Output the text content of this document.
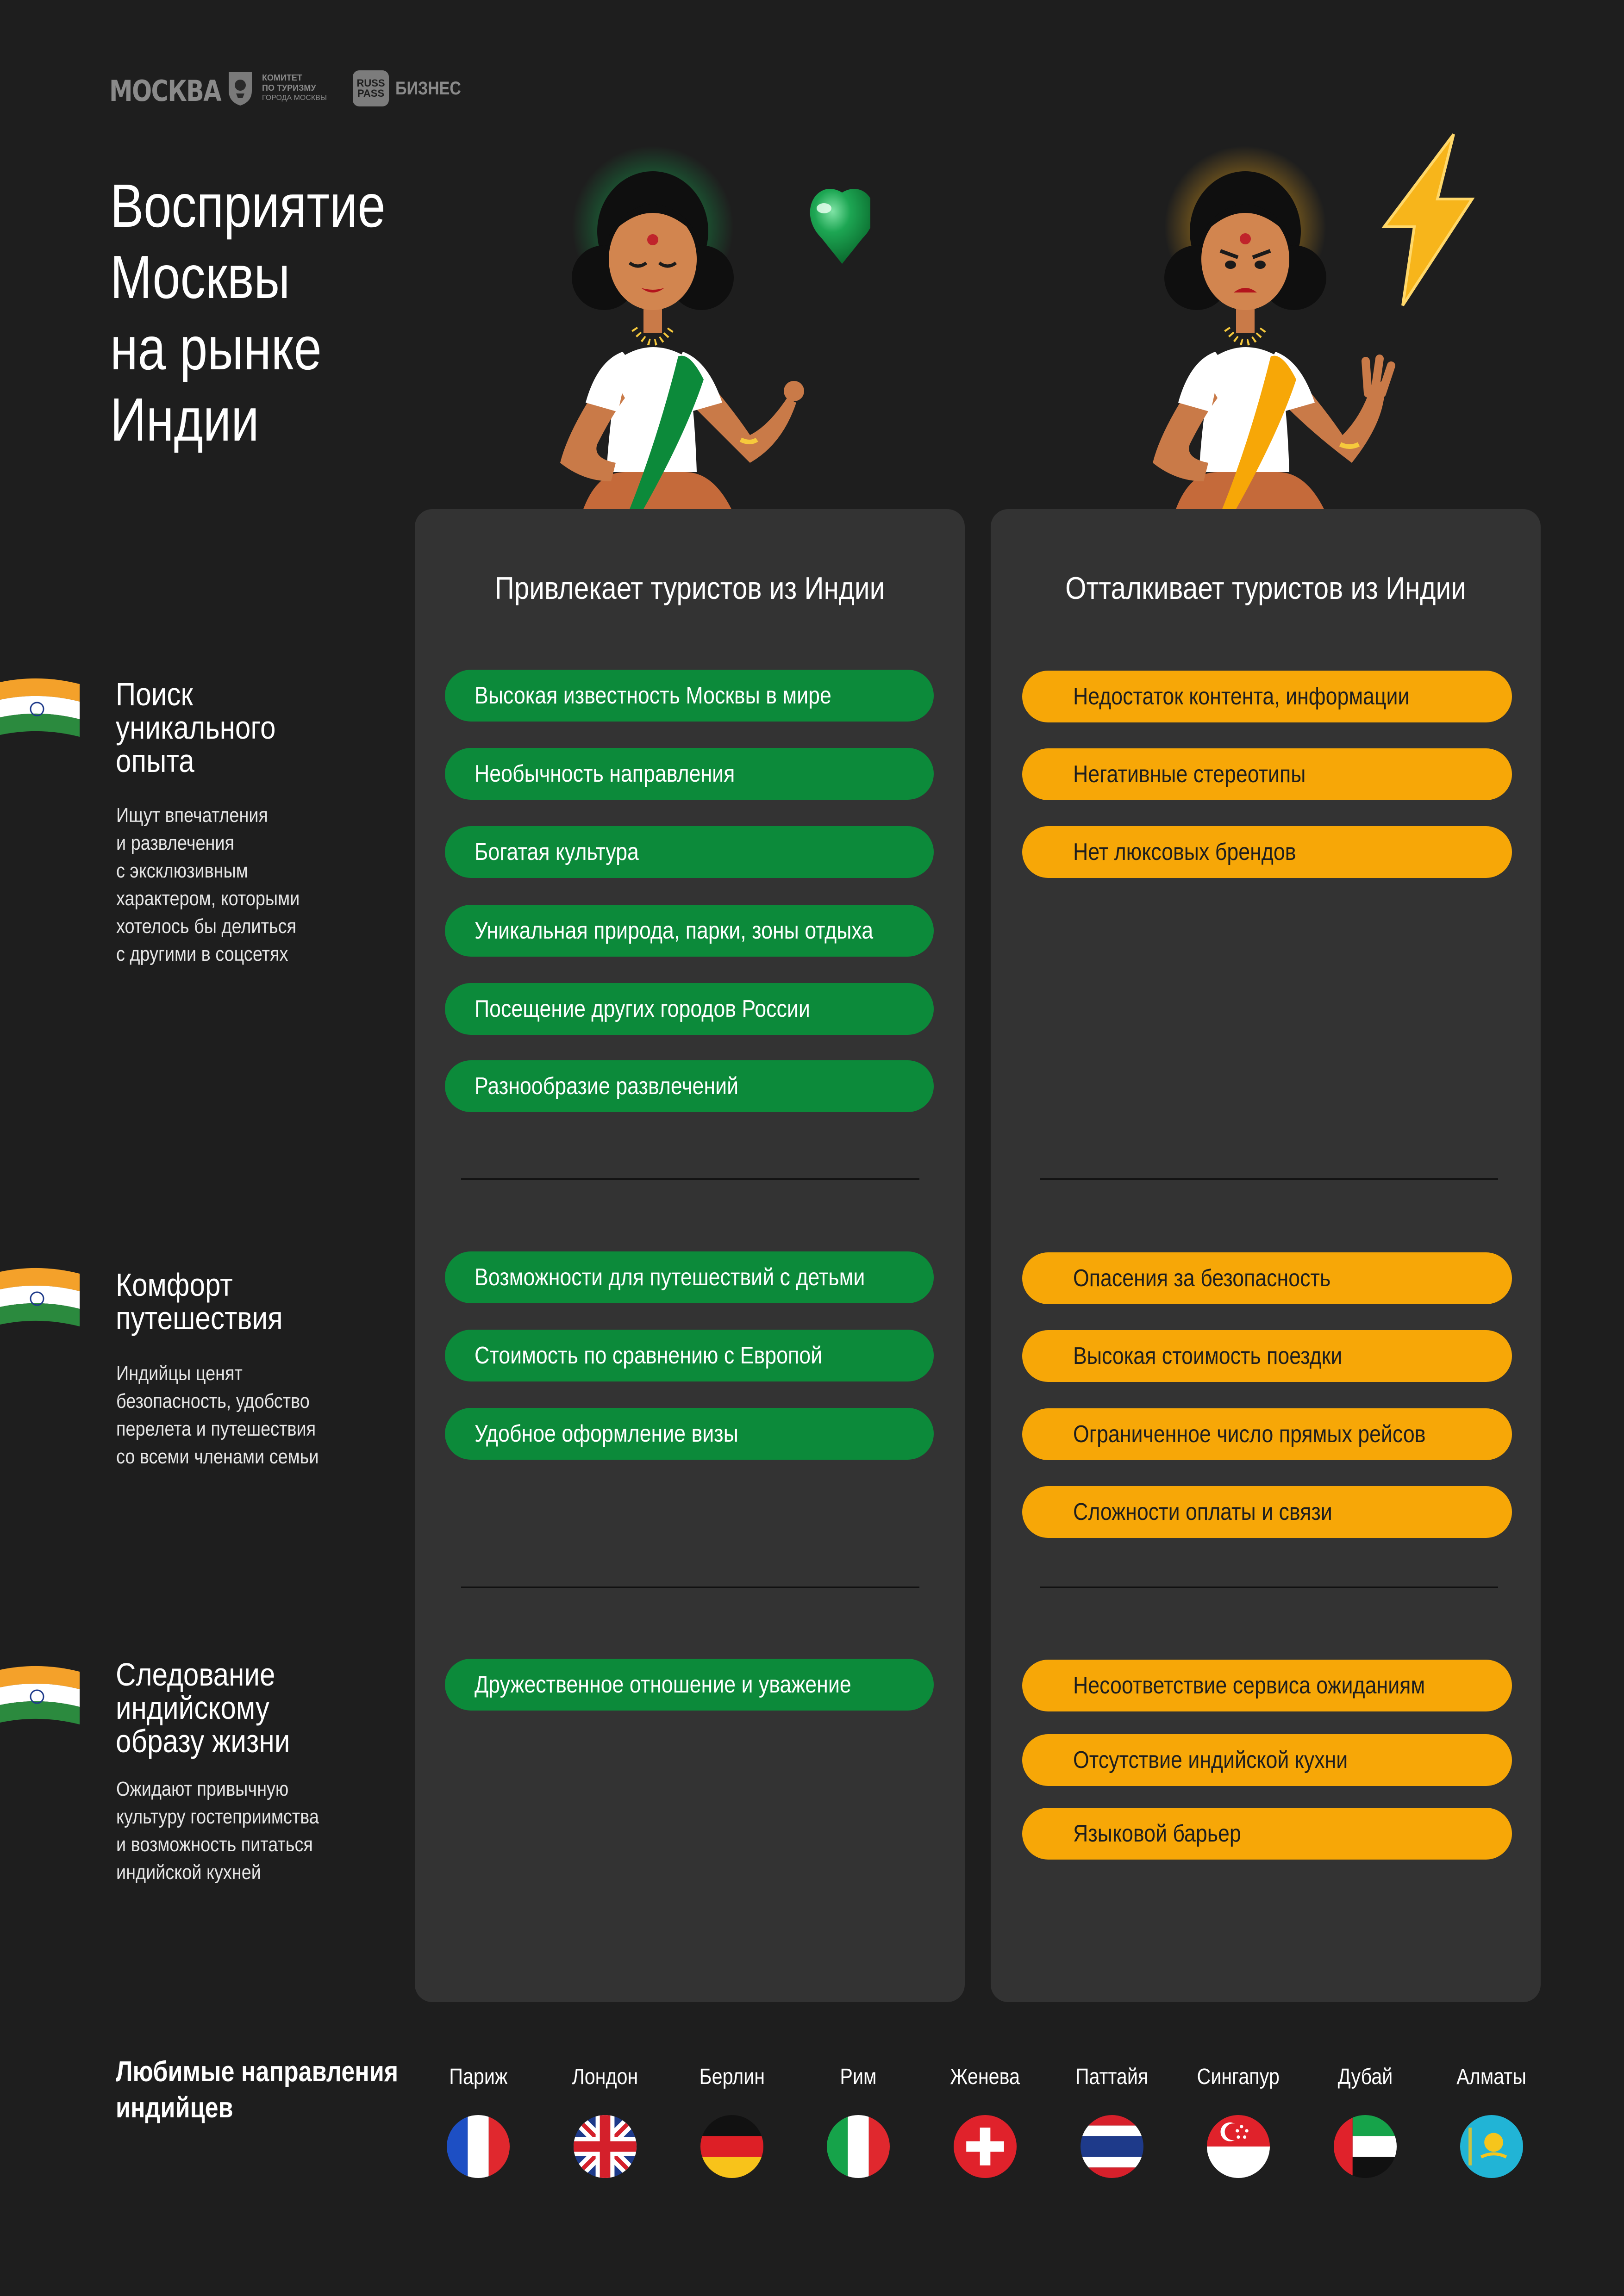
МОСКВА	КОМИТЕТ
ПО ТУРИЗМУ
ГОРОДА МОСКВЫ
RUSS
PASS БИЗНЕС
Восприятие
Москвы
на рынке
Индии
Привлекает туристов из Индии	Отталкивает туристов из Индии
Поиск
уникального
опыта
Ищут впечатления
и развлечения
с эксклюзивным
характером, которыми
хотелось бы делиться
с другими в соцсетях
Высокая известность Москвы в мире
Необычность направления
Богатая культура
Уникальная природа, парки, зоны отдыха
Посещение других городов России
Разнообразие развлечений
Недостаток контента, информации
Негативные стереотипы
Нет люксовых брендов
Комфорт
путешествия
Индийцы ценят
безопасность, удобство
перелета и путешествия
со всеми членами семьи
Возможности для путешествий с детьми
Стоимость по сравнению с Европой
Удобное оформление визы
Опасения за безопасность
Высокая стоимость поездки
Ограниченное число прямых рейсов
Сложности оплаты и связи
Следование
индийскому
образу жизни
Ожидают привычную
культуру гостеприимства
и возможность питаться
индийской кухней
Дружественное отношение и уважение	Несоответствие сервиса ожиданиям
Отсутствие индийской кухни
Языковой барьер
Любимые направления
индийцев
Париж	Лондон	Берлин	Рим	Женева	Паттайя	Сингапур	Дубай	Алматы
